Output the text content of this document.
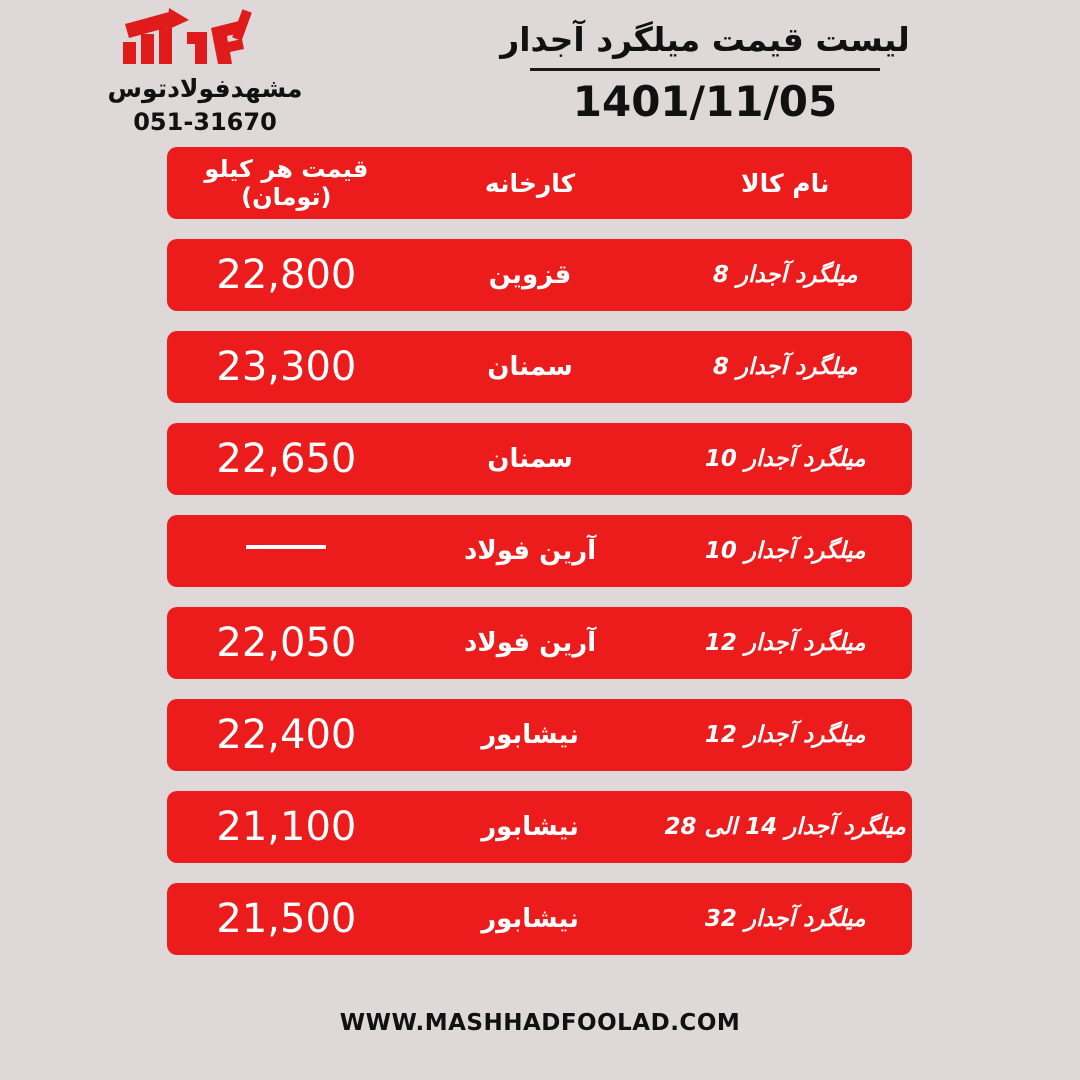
لیست قیمت میلگرد آجدار
1401/11/05
مشهدفولادتوس
051-31670
نام کالا
کارخانه
قیمت هر کیلو (تومان)
میلگرد آجدار 8
قزوین
22,800
میلگرد آجدار 8
سمنان
23,300
میلگرد آجدار 10
سمنان
22,650
میلگرد آجدار 10
آرین فولاد
میلگرد آجدار 12
آرین فولاد
22,050
میلگرد آجدار 12
نیشابور
22,400
میلگرد آجدار 14 الی 28
نیشابور
21,100
میلگرد آجدار 32
نیشابور
21,500
WWW.MASHHADFOOLAD.COM
